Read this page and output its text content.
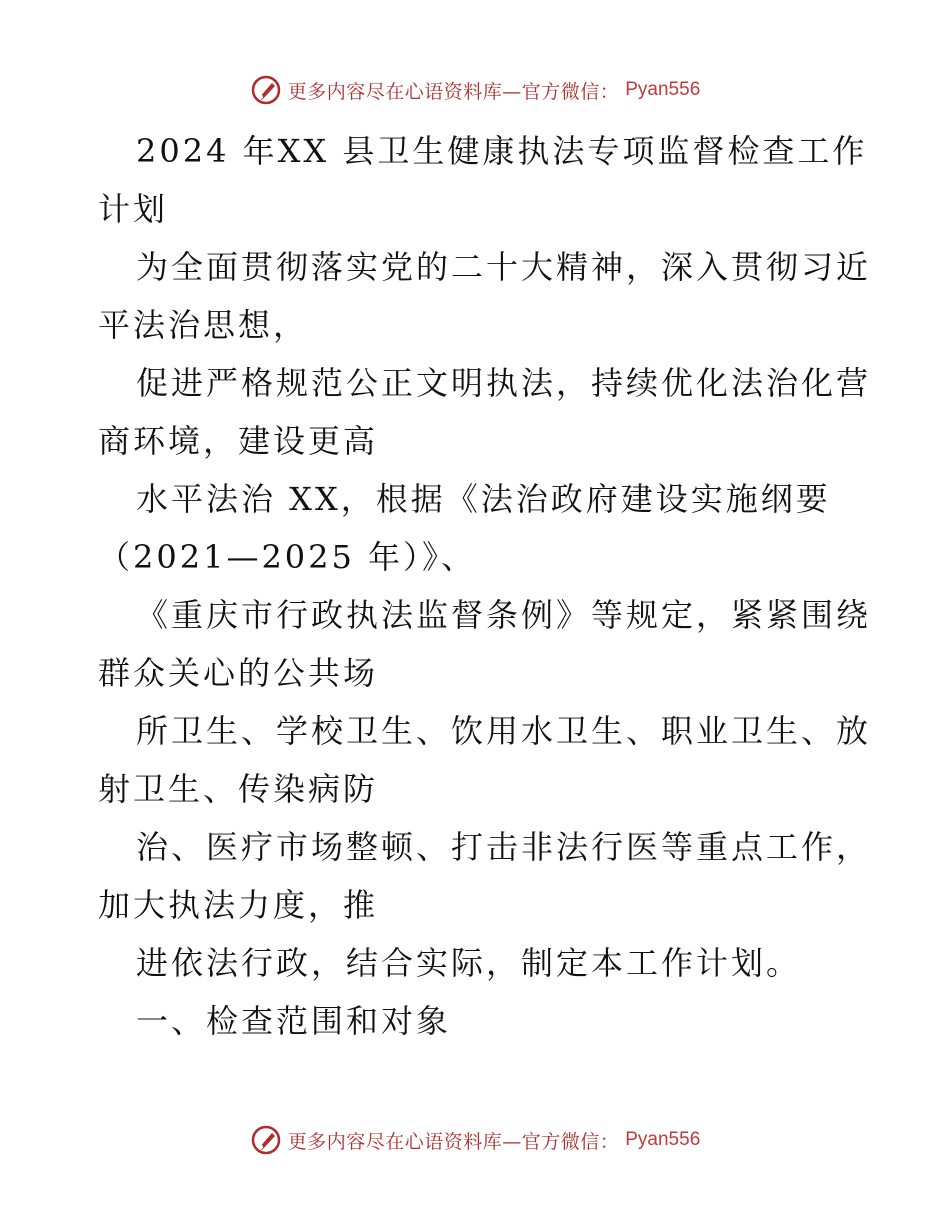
更多内容尽在心语资料库—官方微信： Pyan556
2024 年XX 县卫生健康执法专项监督检查工作
计划
为全面贯彻落实党的二十大精神，深入贯彻习近
平法治思想，
促进严格规范公正文明执法，持续优化法治化营
商环境，建设更高
水平法治 XX，根据《法治政府建设实施纲要
（2021—2025 年）》、
《重庆市行政执法监督条例》等规定，紧紧围绕
群众关心的公共场
所卫生、学校卫生、饮用水卫生、职业卫生、放
射卫生、传染病防
治、医疗市场整顿、打击非法行医等重点工作，
加大执法力度，推
进依法行政，结合实际，制定本工作计划。
一、检查范围和对象
更多内容尽在心语资料库—官方微信： Pyan556
